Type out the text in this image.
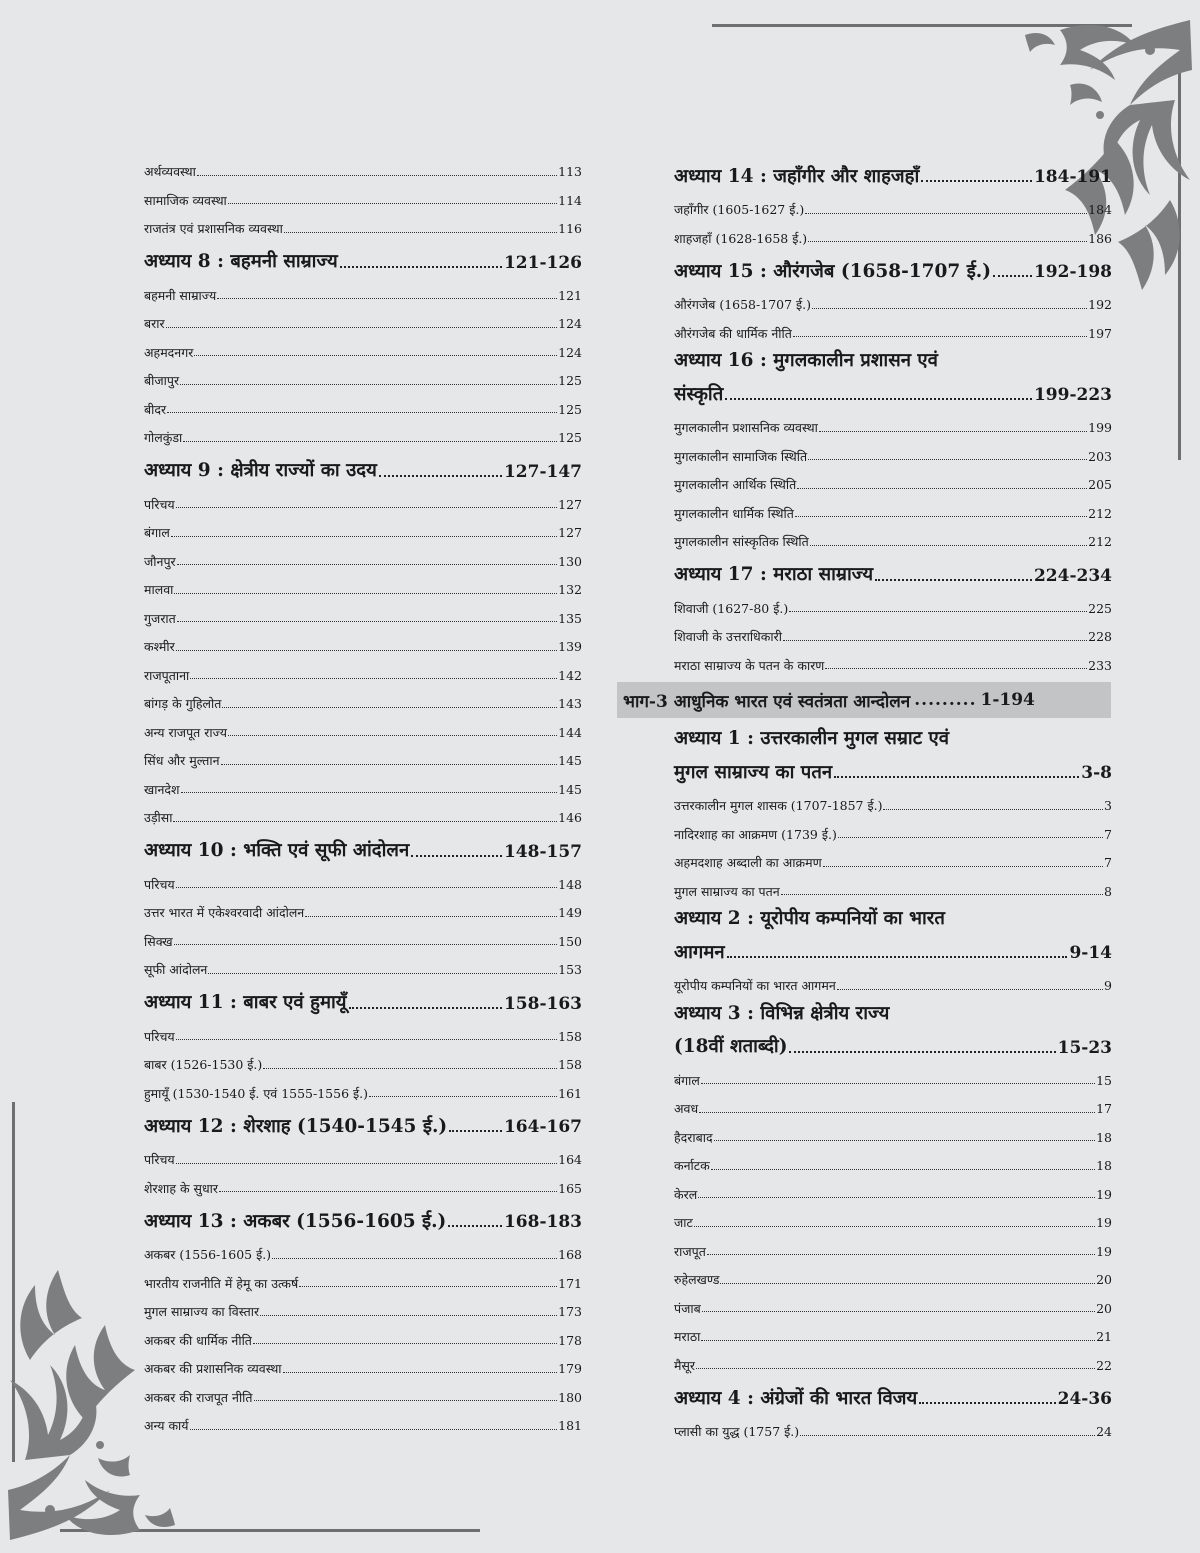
अर्थव्यवस्था	113
सामाजिक व्यवस्था	114
राजतंत्र एवं प्रशासनिक व्यवस्था	116
अध्याय 8 : बहमनी साम्राज्य	121-126
बहमनी साम्राज्य	121
बरार	124
अहमदनगर	124
बीजापुर	125
बीदर	125
गोलकुंडा	125
अध्याय 9 : क्षेत्रीय राज्यों का उदय	127-147
परिचय	127
बंगाल	127
जौनपुर	130
मालवा	132
गुजरात	135
कश्मीर	139
राजपूताना	142
बांगड़ के गुहिलोत	143
अन्य राजपूत राज्य	144
सिंध और मुल्तान	145
खानदेश	145
उड़ीसा	146
अध्याय 10 : भक्ति एवं सूफी आंदोलन	148-157
परिचय	148
उत्तर भारत में एकेश्वरवादी आंदोलन	149
सिक्ख	150
सूफी आंदोलन	153
अध्याय 11 : बाबर एवं हुमायूँ	158-163
परिचय	158
बाबर (1526-1530 ई.)	158
हुमायूँ (1530-1540 ई. एवं 1555-1556 ई.)	161
अध्याय 12 : शेरशाह (1540-1545 ई.)	164-167
परिचय	164
शेरशाह के सुधार	165
अध्याय 13 : अकबर (1556-1605 ई.)	168-183
अकबर (1556-1605 ई.)	168
भारतीय राजनीति में हेमू का उत्कर्ष	171
मुगल साम्राज्य का विस्तार	173
अकबर की धार्मिक नीति	178
अकबर की प्रशासनिक व्यवस्था	179
अकबर की राजपूत नीति	180
अन्य कार्य	181
अध्याय 14 : जहाँगीर और शाहजहाँ	184-191
जहाँगीर (1605-1627 ई.)	184
शाहजहाँ (1628-1658 ई.)	186
अध्याय 15 : औरंगजेब (1658-1707 ई.)	192-198
औरंगजेब (1658-1707 ई.)	192
औरंगजेब की धार्मिक नीति	197
अध्याय 16 : मुगलकालीन प्रशासन एवं
संस्कृति	199-223
मुगलकालीन प्रशासनिक व्यवस्था	199
मुगलकालीन सामाजिक स्थिति	203
मुगलकालीन आर्थिक स्थिति	205
मुगलकालीन धार्मिक स्थिति	212
मुगलकालीन सांस्कृतिक स्थिति	212
अध्याय 17 : मराठा साम्राज्य	224-234
शिवाजी (1627-80 ई.)	225
शिवाजी के उत्तराधिकारी	228
मराठा साम्राज्य के पतन के कारण	233
भाग-3 आधुनिक भारत एवं स्वतंत्रता आन्दोलन ......... 1-194
अध्याय 1 : उत्तरकालीन मुगल सम्राट एवं
मुगल साम्राज्य का पतन	3-8
उत्तरकालीन मुगल शासक (1707-1857 ई.)	3
नादिरशाह का आक्रमण (1739 ई.)	7
अहमदशाह अब्दाली का आक्रमण	7
मुगल साम्राज्य का पतन	8
अध्याय 2 : यूरोपीय कम्पनियों का भारत
आगमन	9-14
यूरोपीय कम्पनियों का भारत आगमन	9
अध्याय 3 : विभिन्न क्षेत्रीय राज्य
(18वीं शताब्दी)	15-23
बंगाल	15
अवध	17
हैदराबाद	18
कर्नाटक	18
केरल	19
जाट	19
राजपूत	19
रुहेलखण्ड	20
पंजाब	20
मराठा	21
मैसूर	22
अध्याय 4 : अंग्रेजों की भारत विजय	24-36
प्लासी का युद्ध (1757 ई.)	24
